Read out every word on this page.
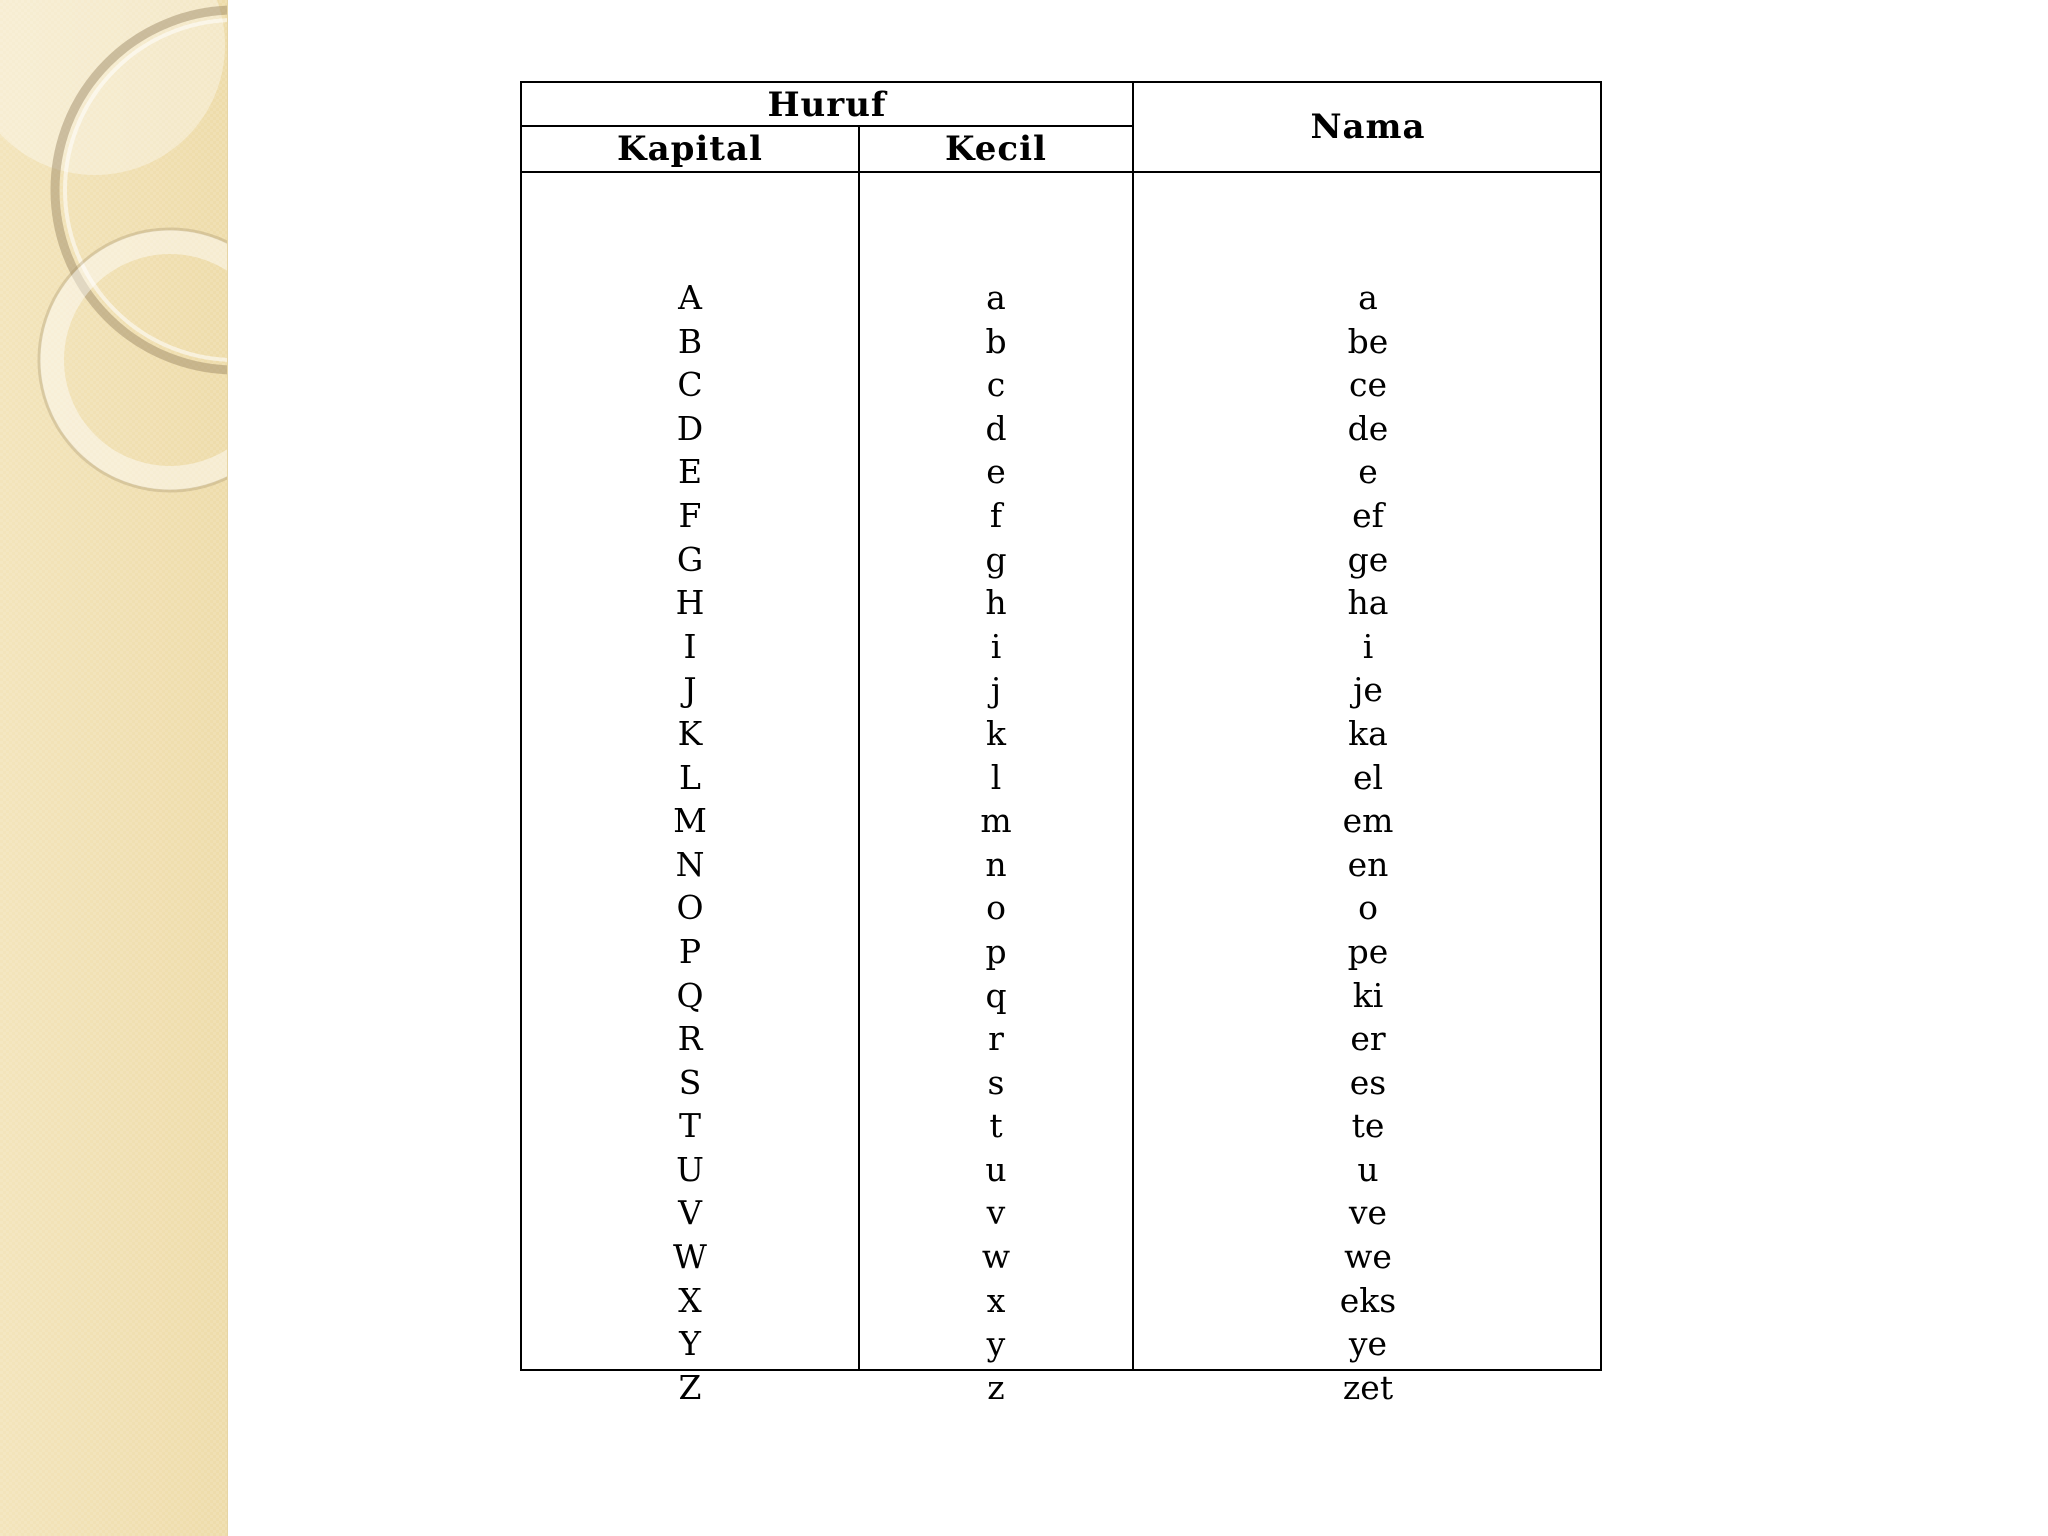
Huruf
Kapital	Kecil
Nama
A
B
C
D
E
F
G
H
I
J
K
L
M
N
O
P
Q
R
S
T
U
V
W
X
Y
Z
a
b
c
d
e
f
g
h
i
j
k
l
m
n
o
p
q
r
s
t
u
v
w
x
y
z
a
be
ce
de
e
ef
ge
ha
i
je
ka
el
em
en
o
pe
ki
er
es
te
u
ve
we
eks
ye
zet
